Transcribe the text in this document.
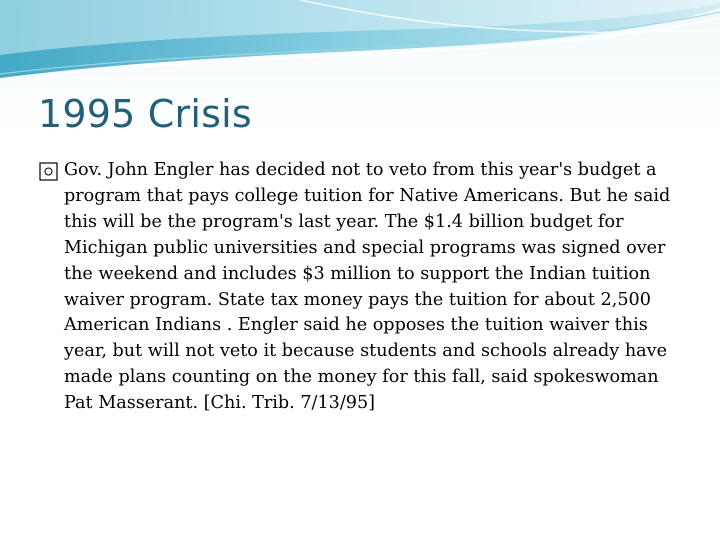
1995 Crisis
Gov. John Engler has decided not to veto from this year's budget a program that pays college tuition for Native Americans. But he said this will be the program's last year. The $1.4 billion budget for Michigan public universities and special programs was signed over the weekend and includes $3 million to support the Indian tuition waiver program. State tax money pays the tuition for about 2,500 American Indians . Engler said he opposes the tuition waiver this year, but will not veto it because students and schools already have made plans counting on the money for this fall, said spokeswoman Pat Masserant. [Chi. Trib. 7/13/95]
